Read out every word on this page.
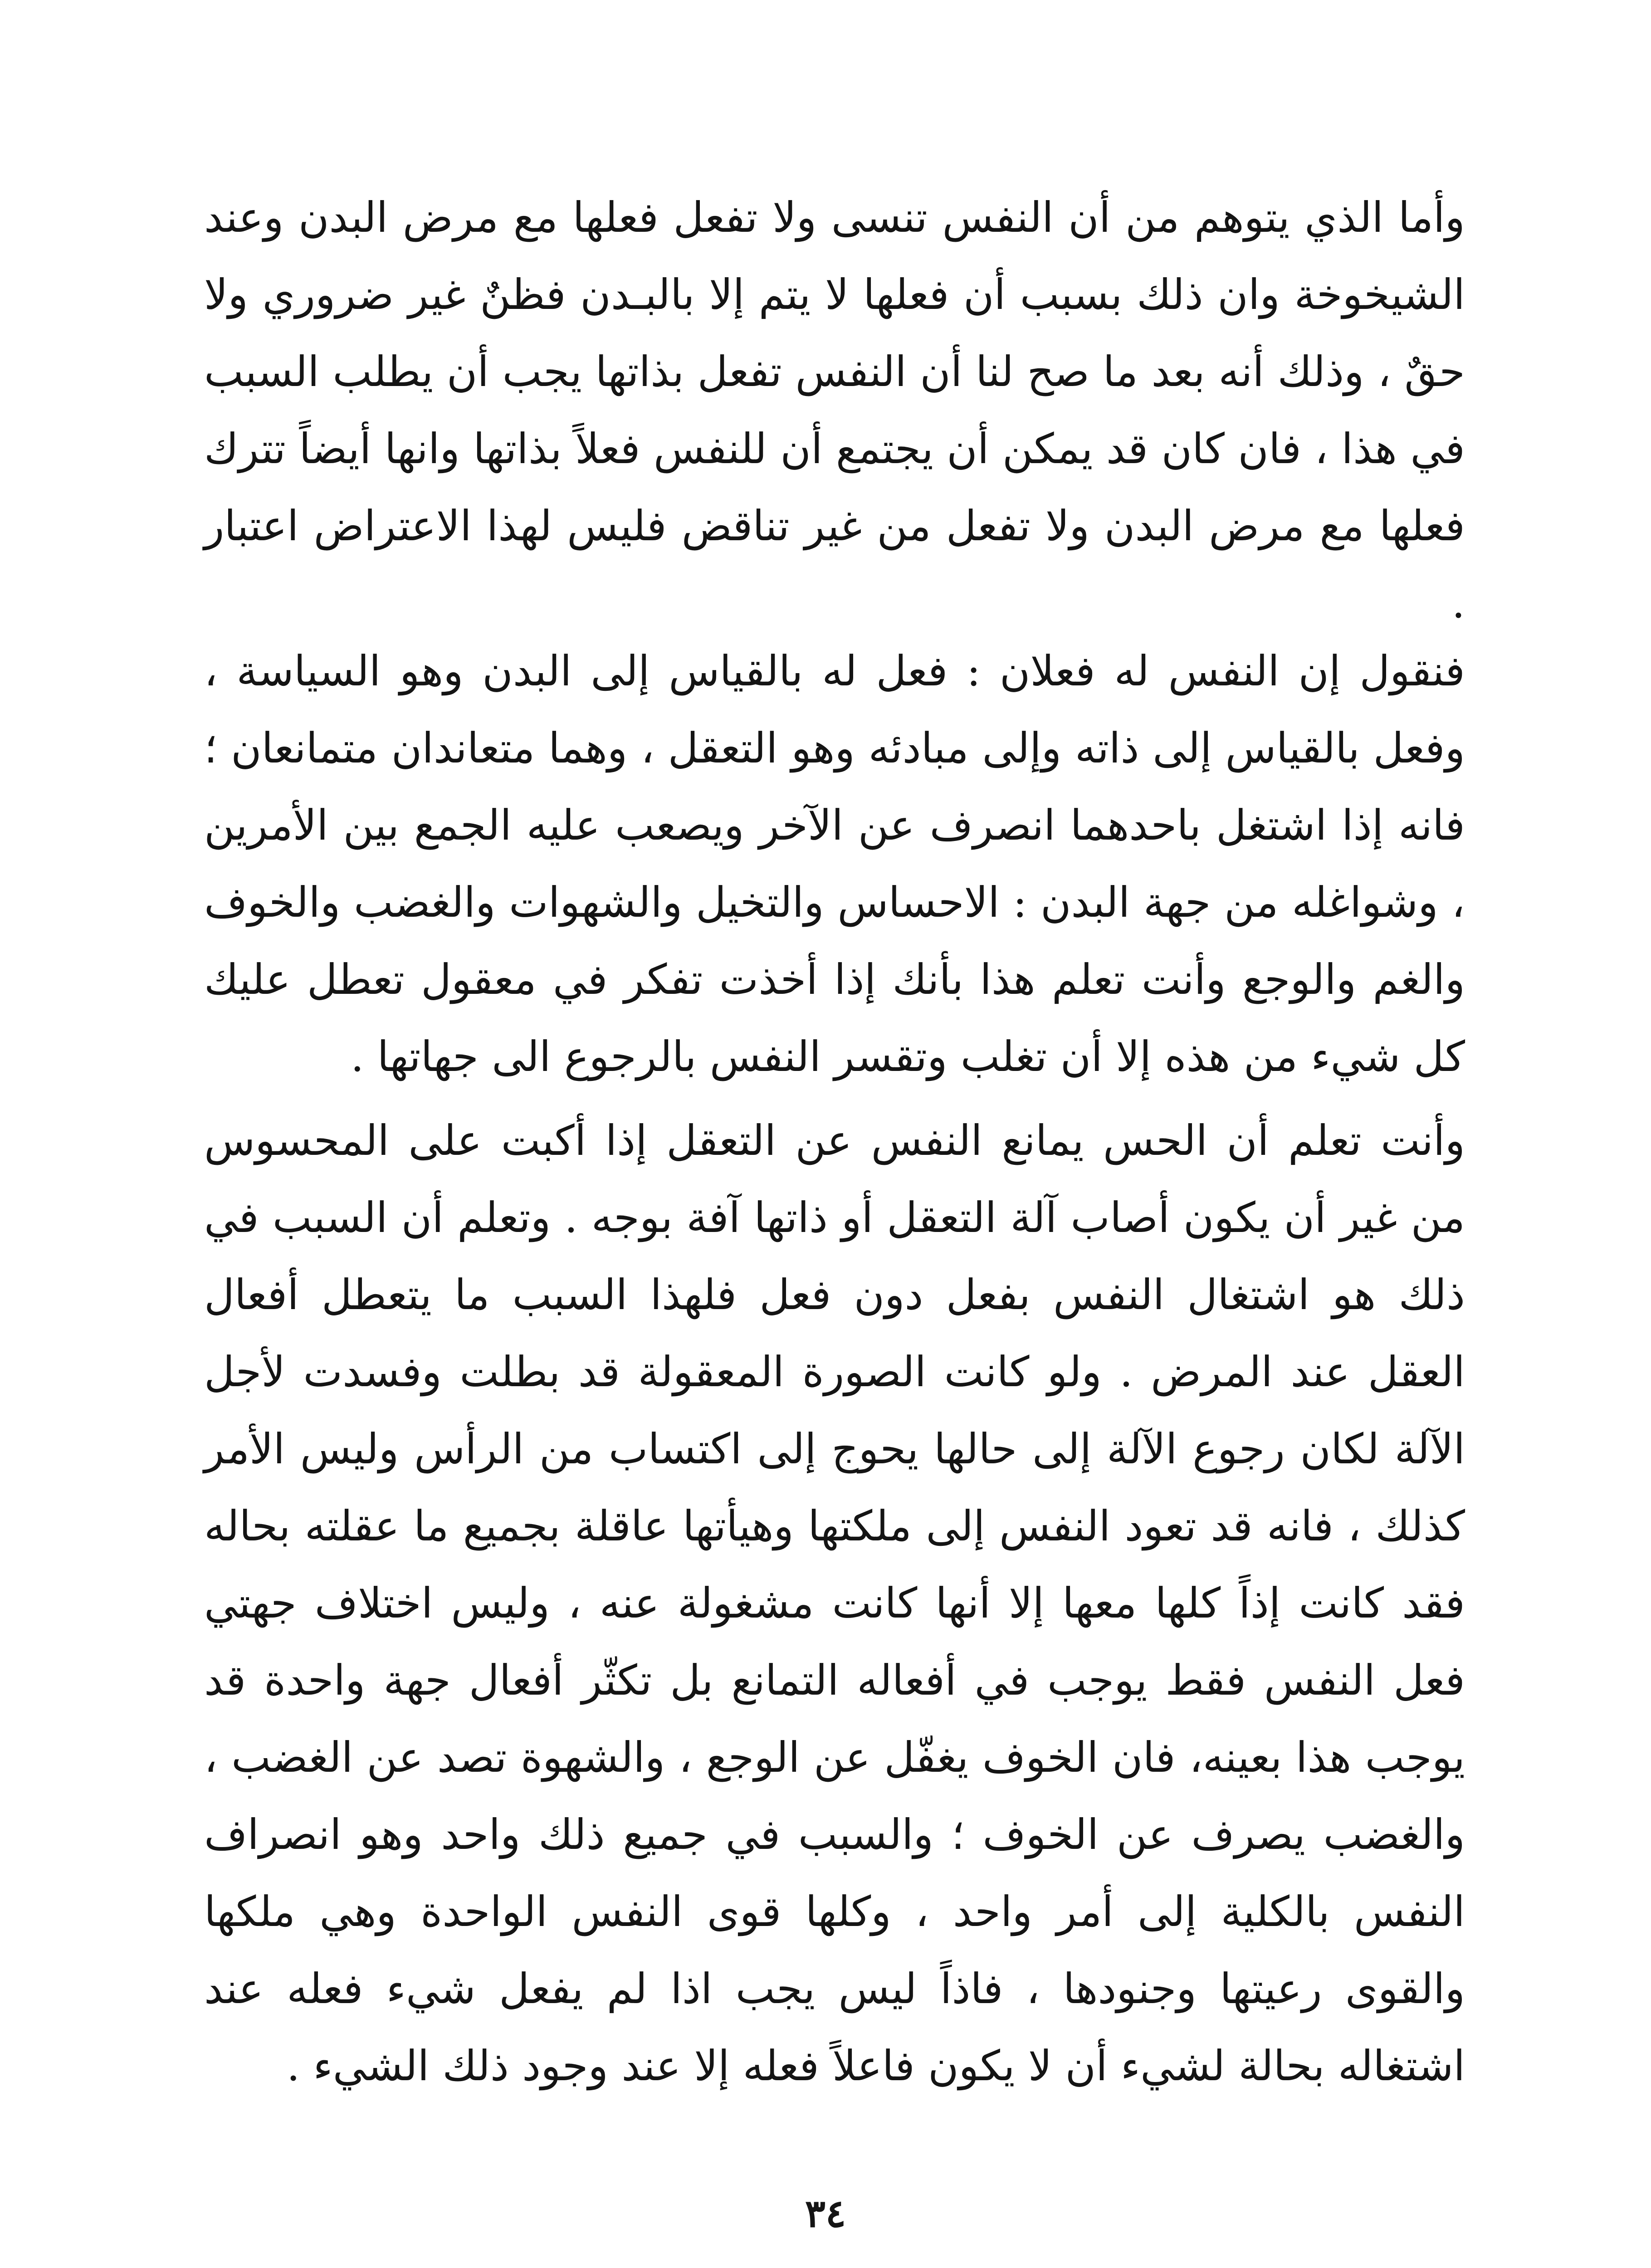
وأما الذي يتوهم من أن النفس تنسى ولا تفعل فعلها مع مرض البدن وعند الشيخوخة وان ذلك بسبب أن فعلها لا يتم إلا بالبـدن فظنٌ غير ضروري ولا حقٌ ، وذلك أنه بعد ما صح لنا أن النفس تفعل بذاتها يجب أن يطلب السبب في هذا ، فان كان قد يمكن أن يجتمع أن للنفس فعلاً بذاتها وانها أيضاً تترك فعلها مع مرض البدن ولا تفعل من غير تناقض فليس لهذا الاعتراض اعتبار .

فنقول إن النفس له فعلان : فعل له بالقياس إلى البدن وهو السياسة ، وفعل بالقياس إلى ذاته وإلى مبادئه وهو التعقل ، وهما متعاندان متمانعان ؛ فانه إذا اشتغل باحدهما انصرف عن الآخر ويصعب عليه الجمع بين الأمرين ، وشواغله من جهة البدن : الاحساس والتخيل والشهوات والغضب والخوف والغم والوجع وأنت تعلم هذا بأنك إذا أخذت تفكر في معقول تعطل عليك كل شيء من هذه إلا أن تغلب وتقسر النفس بالرجوع الى جهاتها .

وأنت تعلم أن الحس يمانع النفس عن التعقل إذا أكبت على المحسوس من غير أن يكون أصاب آلة التعقل أو ذاتها آفة بوجه . وتعلم أن السبب في ذلك هو اشتغال النفس بفعل دون فعل فلهذا السبب ما يتعطل أفعال العقل عند المرض . ولو كانت الصورة المعقولة قد بطلت وفسدت لأجل الآلة لكان رجوع الآلة إلى حالها يحوج إلى اكتساب من الرأس وليس الأمر كذلك ، فانه قد تعود النفس إلى ملكتها وهيأتها عاقلة بجميع ما عقلته بحاله فقد كانت إذاً كلها معها إلا أنها كانت مشغولة عنه ، وليس اختلاف جهتي فعل النفس فقط يوجب في أفعاله التمانع بل تكثّر أفعال جهة واحدة قد يوجب هذا بعينه، فان الخوف يغفّل عن الوجع ، والشهوة تصد عن الغضب ، والغضب يصرف عن الخوف ؛ والسبب في جميع ذلك واحد وهو انصراف النفس بالكلية إلى أمر واحد ، وكلها قوى النفس الواحدة وهي ملكها والقوى رعيتها وجنودها ، فاذاً ليس يجب اذا لم يفعل شيء فعله عند اشتغاله بحالة لشيء أن لا يكون فاعلاً فعله إلا عند وجود ذلك الشيء .

٣٤
